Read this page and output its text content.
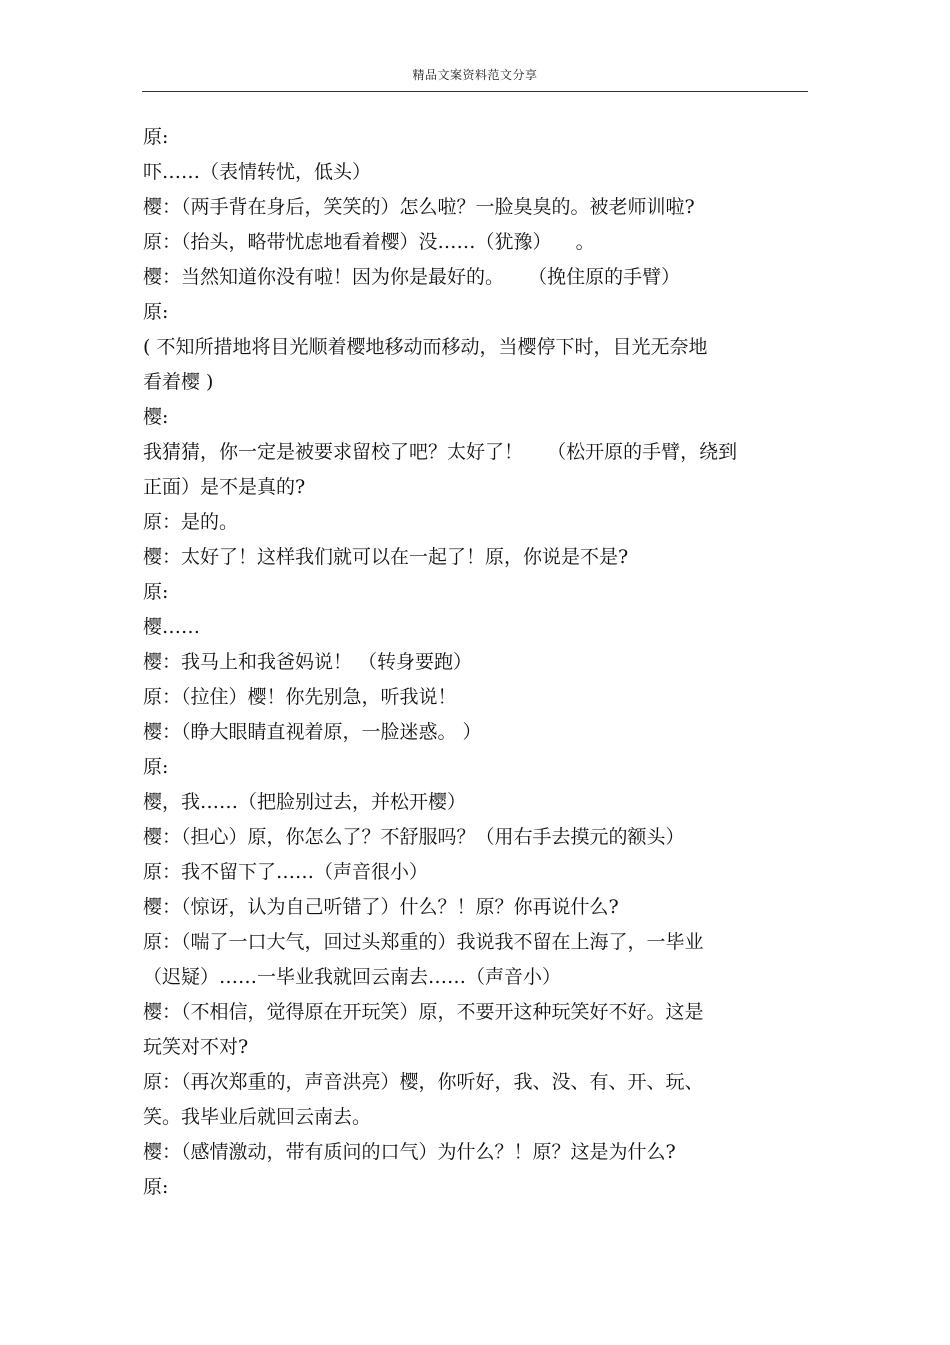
精品文案资料范文分享
原:
吓……（表情转忧，低头）
樱：（两手背在身后，笑笑的）怎么啦？一脸臭臭的。被老师训啦?
原：（抬头，略带忧虑地看着樱）没……（犹豫）    。
樱：当然知道你没有啦！因为你是最好的。    （挽住原的手臂）
原:
( 不知所措地将目光顺着樱地移动而移动，当樱停下时，目光无奈地
看着樱 )
樱:
我猜猜，你一定是被要求留校了吧？太好了！    （松开原的手臂，绕到
正面）是不是真的?
原：是的。
樱：太好了！这样我们就可以在一起了！原，你说是不是?
原:
樱……
樱：我马上和我爸妈说！ （转身要跑）
原：（拉住）樱！你先别急，听我说！
樱：（睁大眼睛直视着原，一脸迷惑。 ）
原:
樱，我……（把脸别过去，并松开樱）
樱：（担心）原，你怎么了？不舒服吗？（用右手去摸元的额头）
原：我不留下了……（声音很小）
樱：（惊讶，认为自己听错了）什么？！原？你再说什么?
原：（喘了一口大气，回过头郑重的）我说我不留在上海了，一毕业
（迟疑）……一毕业我就回云南去……（声音小）
樱：（不相信，觉得原在开玩笑）原，不要开这种玩笑好不好。这是
玩笑对不对?
原：（再次郑重的，声音洪亮）樱，你听好，我、没、有、开、玩、
笑。我毕业后就回云南去。
樱：（感情激动，带有质问的口气）为什么？！原？这是为什么?
原:
